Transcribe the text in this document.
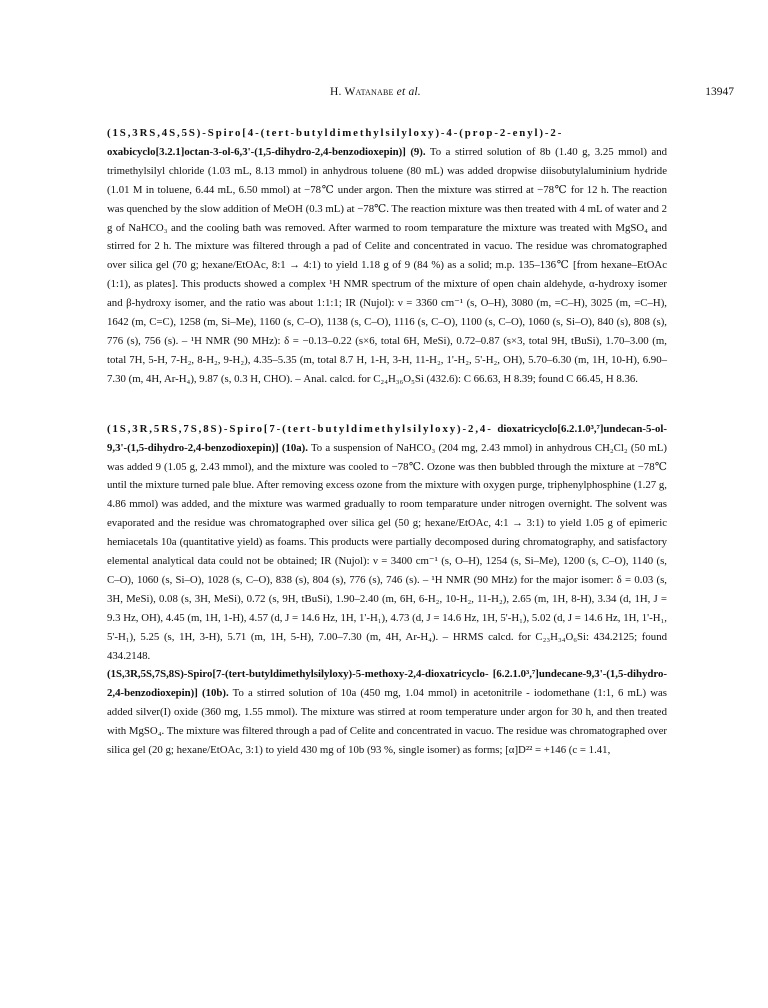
H. Watanabe et al.	13947

(1S,3RS,4S,5S)-Spiro[4-(tert-butyldimethylsilyloxy)-4-(prop-2-enyl)-2- oxabicyclo[3.2.1]octan-3-ol-6,3'-(1,5-dihydro-2,4-benzodioxepin)] (9). To a stirred solution of 8b (1.40 g, 3.25 mmol) and trimethylsilyl chloride (1.03 mL, 8.13 mmol) in anhydrous toluene (80 mL) was added dropwise diisobutylaluminium hydride (1.01 M in toluene, 6.44 mL, 6.50 mmol) at −78℃ under argon. Then the mixture was stirred at −78℃ for 12 h. The reaction was quenched by the slow addition of MeOH (0.3 mL) at −78℃. The reaction mixture was then treated with 4 mL of water and 2 g of NaHCO₃ and the cooling bath was removed. After warmed to room temparature the mixture was treated with MgSO₄ and stirred for 2 h. The mixture was filtered through a pad of Celite and concentrated in vacuo. The residue was chromatographed over silica gel (70 g; hexane/EtOAc, 8:1 → 4:1) to yield 1.18 g of 9 (84 %) as a solid; m.p. 135–136℃ [from hexane–EtOAc (1:1), as plates]. This products showed a complex ¹H NMR spectrum of the mixture of open chain aldehyde, α-hydroxy isomer and β-hydroxy isomer, and the ratio was about 1:1:1; IR (Nujol): ν = 3360 cm⁻¹ (s, O–H), 3080 (m, =C–H), 3025 (m, =C–H), 1642 (m, C=C), 1258 (m, Si–Me), 1160 (s, C–O), 1138 (s, C–O), 1116 (s, C–O), 1100 (s, C–O), 1060 (s, Si–O), 840 (s), 808 (s), 776 (s), 756 (s). – ¹H NMR (90 MHz): δ = −0.13–0.22 (s×6, total 6H, MeSi), 0.72–0.87 (s×3, total 9H, tBuSi), 1.70–3.00 (m, total 7H, 5-H, 7-H₂, 8-H₂, 9-H₂), 4.35–5.35 (m, total 8.7 H, 1-H, 3-H, 11-H₂, 1'-H₂, 5'-H₂, OH), 5.70–6.30 (m, 1H, 10-H), 6.90–7.30 (m, 4H, Ar-H₄), 9.87 (s, 0.3 H, CHO). – Anal. calcd. for C₂₄H₃₆O₅Si (432.6): C 66.63, H 8.39; found C 66.45, H 8.36.

(1S,3R,5RS,7S,8S)-Spiro[7-(tert-butyldimethylsilyloxy)-2,4- dioxatricyclo[6.2.1.0³,⁷]undecan-5-ol-9,3'-(1,5-dihydro-2,4-benzodioxepin)] (10a). To a suspension of NaHCO₃ (204 mg, 2.43 mmol) in anhydrous CH₂Cl₂ (50 mL) was added 9 (1.05 g, 2.43 mmol), and the mixture was cooled to −78℃. Ozone was then bubbled through the mixture at −78℃ until the mixture turned pale blue. After removing excess ozone from the mixture with oxygen purge, triphenylphosphine (1.27 g, 4.86 mmol) was added, and the mixture was warmed gradually to room temparature under nitrogen overnight. The solvent was evaporated and the residue was chromatographed over silica gel (50 g; hexane/EtOAc, 4:1 → 3:1) to yield 1.05 g of epimeric hemiacetals 10a (quantitative yield) as foams. This products were partially decomposed during chromatography, and satisfactory elemental analytical data could not be obtained; IR (Nujol): ν = 3400 cm⁻¹ (s, O–H), 1254 (s, Si–Me), 1200 (s, C–O), 1140 (s, C–O), 1060 (s, Si–O), 1028 (s, C–O), 838 (s), 804 (s), 776 (s), 746 (s). – ¹H NMR (90 MHz) for the major isomer: δ = 0.03 (s, 3H, MeSi), 0.08 (s, 3H, MeSi), 0.72 (s, 9H, tBuSi), 1.90–2.40 (m, 6H, 6-H₂, 10-H₂, 11-H₂), 2.65 (m, 1H, 8-H), 3.34 (d, 1H, J = 9.3 Hz, OH), 4.45 (m, 1H, 1-H), 4.57 (d, J = 14.6 Hz, 1H, 1'-H₁), 4.73 (d, J = 14.6 Hz, 1H, 5'-H₁), 5.02 (d, J = 14.6 Hz, 1H, 1'-H₁, 5'-H₁), 5.25 (s, 1H, 3-H), 5.71 (m, 1H, 5-H), 7.00–7.30 (m, 4H, Ar-H₄). – HRMS calcd. for C₂₃H₃₄O₆Si: 434.2125; found 434.2148.

(1S,3R,5S,7S,8S)-Spiro[7-(tert-butyldimethylsilyloxy)-5-methoxy-2,4-dioxatricyclo- [6.2.1.0³,⁷]undecane-9,3'-(1,5-dihydro-2,4-benzodioxepin)] (10b). To a stirred solution of 10a (450 mg, 1.04 mmol) in acetonitrile - iodomethane (1:1, 6 mL) was added silver(I) oxide (360 mg, 1.55 mmol). The mixture was stirred at room temperature under argon for 30 h, and then treated with MgSO₄. The mixture was filtered through a pad of Celite and concentrated in vacuo. The residue was chromatographed over silica gel (20 g; hexane/EtOAc, 3:1) to yield 430 mg of 10b (93 %, single isomer) as forms; [α]D²² = +146 (c = 1.41,
